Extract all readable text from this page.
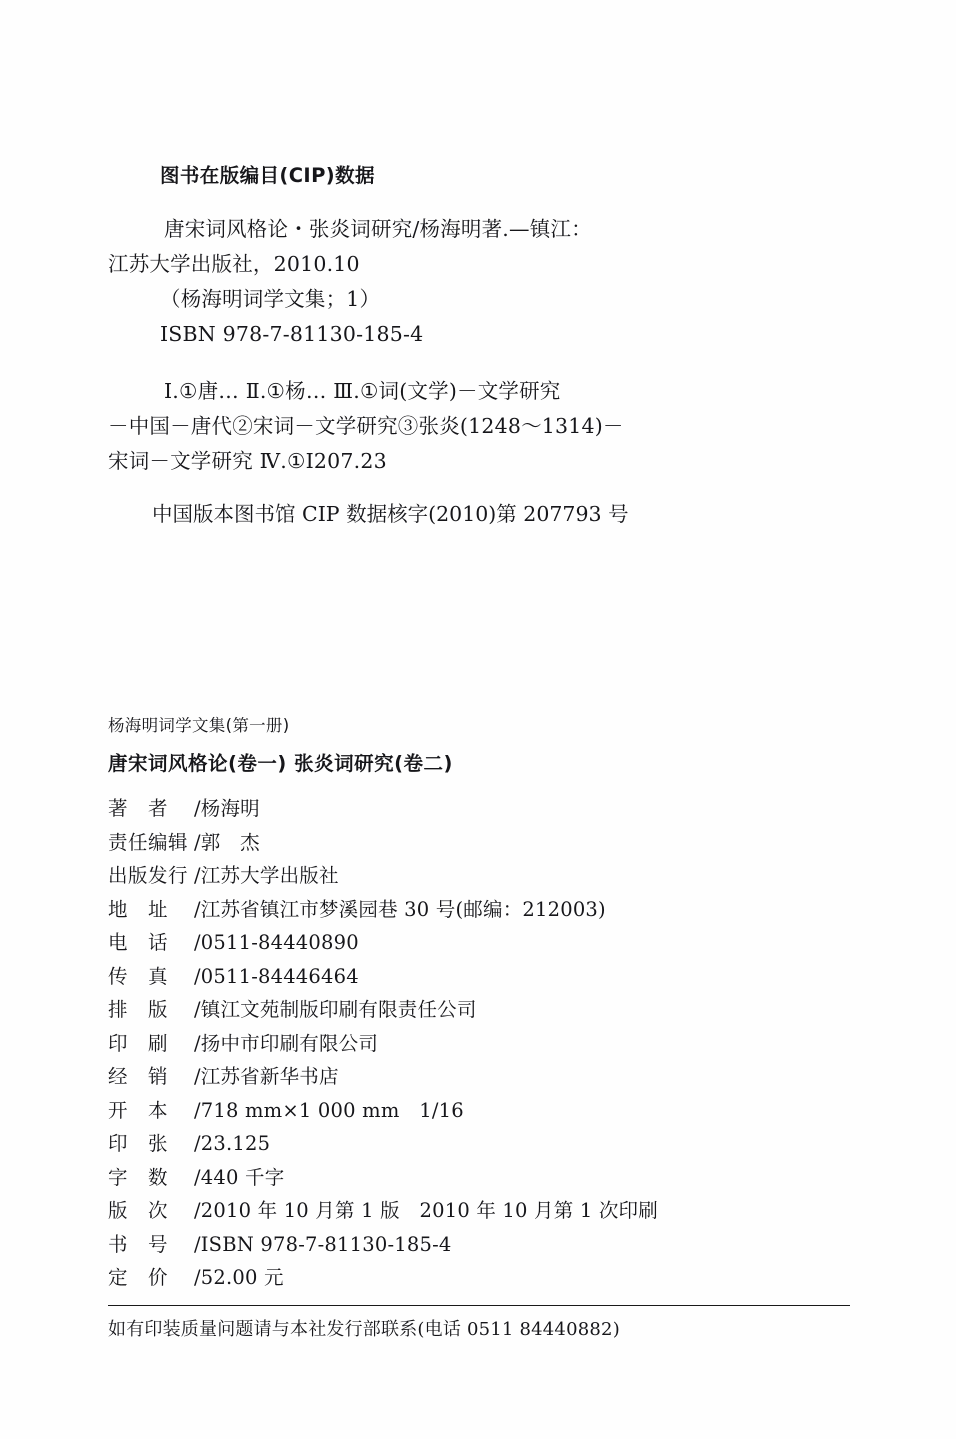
图书在版编目(CIP)数据

唐宋词风格论・张炎词研究/杨海明著.—镇江：

江苏大学出版社，2010.10

（杨海明词学文集；1）

ISBN 978-7-81130-185-4

Ⅰ.①唐… Ⅱ.①杨… Ⅲ.①词(文学)－文学研究

－中国－唐代②宋词－文学研究③张炎(1248～1314)－

宋词－文学研究 Ⅳ.①I207.23

中国版本图书馆 CIP 数据核字(2010)第 207793 号
杨海明词学文集(第一册)
唐宋词风格论(卷一) 张炎词研究(卷二)
著　者	/杨海明
责任编辑 /郭　杰
出版发行 /江苏大学出版社
地　址	/江苏省镇江市梦溪园巷 30 号(邮编：212003)
电　话	/0511-84440890
传　真	/0511-84446464
排　版	/镇江文苑制版印刷有限责任公司
印　刷	/扬中市印刷有限公司
经　销	/江苏省新华书店
开　本	/718 mm×1 000 mm　1/16
印　张	/23.125
字　数	/440 千字
版　次	/2010 年 10 月第 1 版　2010 年 10 月第 1 次印刷
书　号	/ISBN 978-7-81130-185-4
定　价	/52.00 元
如有印装质量问题请与本社发行部联系(电话 0511 84440882)
